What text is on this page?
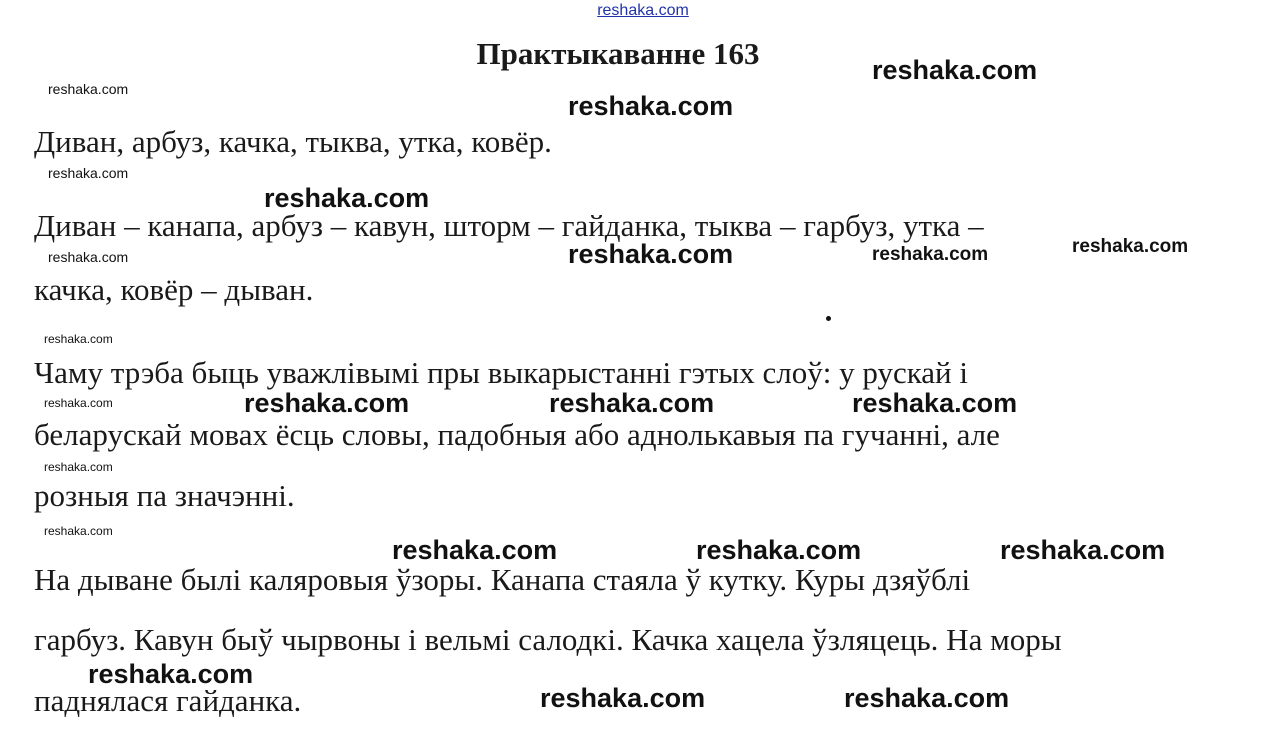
reshaka.com
Практыкаванне 163
Диван, арбуз, качка, тыква, утка, ковёр.
Диван – канапа, арбуз – кавун, шторм – гайданка, тыква – гарбуз, утка –
качка, ковёр – дыван.
Чаму трэба быць уважлівымі пры выкарыстанні гэтых слоў: у рускай і
беларускай мовах ёсць словы, падобныя або аднолькавыя па гучанні, але
розныя па значэнні.
На дыване былі каляровыя ўзоры. Канапа стаяла ў кутку. Куры дзяўблі
гарбуз. Кавун быў чырвоны і вельмі салодкі. Качка хацела ўзляцець. На моры
паднялася гайданка.
reshaka.com
reshaka.com
reshaka.com
reshaka.com
reshaka.com
reshaka.com
reshaka.com	reshaka.com
reshaka.com
reshaka.com
reshaka.com	reshaka.com	reshaka.com
reshaka.com
reshaka.com
reshaka.com
reshaka.com	reshaka.com	reshaka.com
reshaka.com
reshaka.com	reshaka.com
